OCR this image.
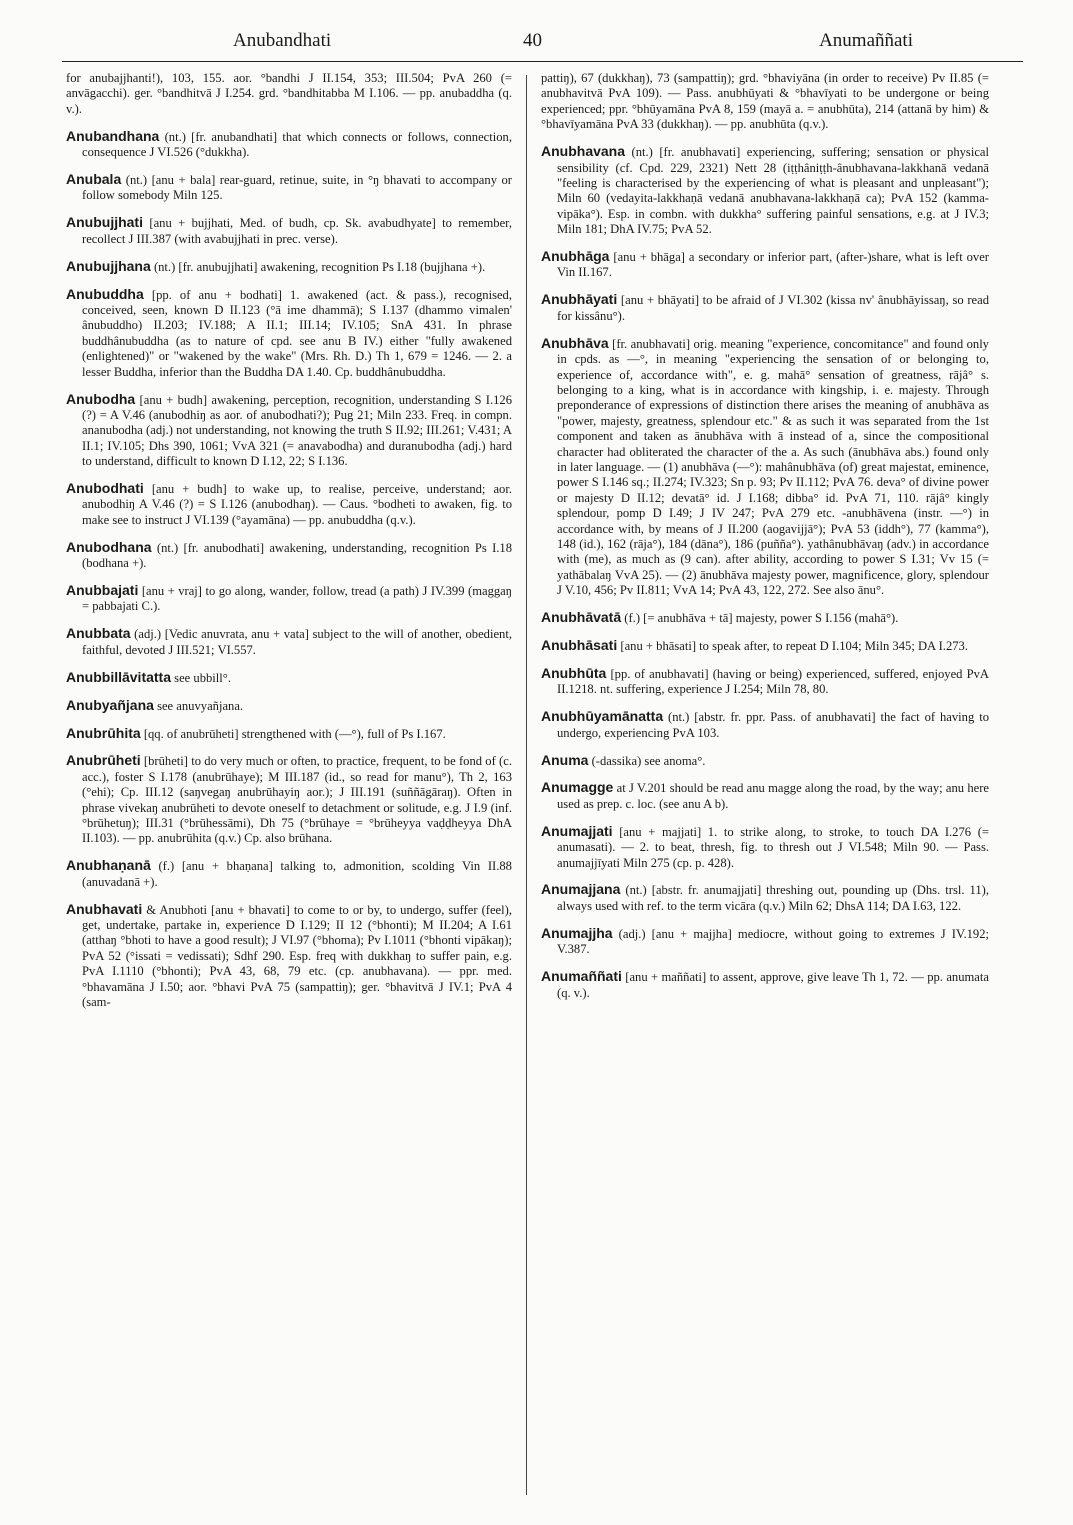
Anubandhati	40	Anumaññati

for anubajjhanti!), 103, 155. aor. °bandhi J II.154, 353; III.504; PvA 260 (= anvāgacchi). ger. °bandhitvā J I.254. grd. °bandhitabba M I.106. — pp. anubaddha (q. v.).

Anubandhana (nt.) [fr. anubandhati] that which connects or follows, connection, consequence J VI.526 (°dukkha).

Anubala (nt.) [anu + bala] rear-guard, retinue, suite, in °ŋ bhavati to accompany or follow somebody Miln 125.

Anubujjhati [anu + bujjhati, Med. of budh, cp. Sk. avabudhyate] to remember, recollect J III.387 (with avabujjhati in prec. verse).

Anubujjhana (nt.) [fr. anubujjhati] awakening, recognition Ps I.18 (bujjhana +).

Anubuddha [pp. of anu + bodhati] 1. awakened (act. & pass.), recognised, conceived, seen, known D II.123 (°ā ime dhammā); S I.137 (dhammo vimalen' ânubuddho) II.203; IV.188; A II.1; III.14; IV.105; SnA 431. In phrase buddhânubuddha (as to nature of cpd. see anu B IV.) either "fully awakened (enlightened)" or "wakened by the wake" (Mrs. Rh. D.) Th 1, 679 = 1246. — 2. a lesser Buddha, inferior than the Buddha DA 1.40. Cp. buddhânubuddha.

Anubodha [anu + budh] awakening, perception, recognition, understanding S I.126 (?) = A V.46 (anubodhiŋ as aor. of anubodhati?); Pug 21; Miln 233. Freq. in compn. ananubodha (adj.) not understanding, not knowing the truth S II.92; III.261; V.431; A II.1; IV.105; Dhs 390, 1061; VvA 321 (= anavabodha) and duranubodha (adj.) hard to understand, difficult to known D I.12, 22; S I.136.

Anubodhati [anu + budh] to wake up, to realise, perceive, understand; aor. anubodhiŋ A V.46 (?) = S I.126 (anubodhaŋ). — Caus. °bodheti to awaken, fig. to make see to instruct J VI.139 (°ayamāna) — pp. anubuddha (q.v.).

Anubodhana (nt.) [fr. anubodhati] awakening, understanding, recognition Ps I.18 (bodhana +).

Anubbajati [anu + vraj] to go along, wander, follow, tread (a path) J IV.399 (maggaŋ = pabbajati C.).

Anubbata (adj.) [Vedic anuvrata, anu + vata] subject to the will of another, obedient, faithful, devoted J III.521; VI.557.

Anubbillāvitatta see ubbill°.

Anubyañjana see anuvyañjana.

Anubrūhita [qq. of anubrūheti] strengthened with (—°), full of Ps I.167.

Anubrūheti [brūheti] to do very much or often, to practice, frequent, to be fond of (c. acc.), foster S I.178 (anubrūhaye); M III.187 (id., so read for manu°), Th 2, 163 (°ehi); Cp. III.12 (saŋvegaŋ anubrūhayiŋ aor.); J III.191 (suññāgāraŋ). Often in phrase vivekaŋ anubrūheti to devote oneself to detachment or solitude, e.g. J I.9 (inf. °brūhetuŋ); III.31 (°brūhessāmi), Dh 75 (°brūhaye = °brūheyya vaḍḍheyya DhA II.103). — pp. anubrūhita (q.v.) Cp. also brūhana.

Anubhaṇanā (f.) [anu + bhaṇana] talking to, admonition, scolding Vin II.88 (anuvadanā +).

Anubhavati & Anubhoti [anu + bhavati] to come to or by, to undergo, suffer (feel), get, undertake, partake in, experience D I.129; II 12 (°bhonti); M II.204; A I.61 (atthaŋ °bhoti to have a good result); J VI.97 (°bhoma); Pv I.1011 (°bhonti vipākaŋ); PvA 52 (°issati = vedissati); Sdhf 290. Esp. freq with dukkhaŋ to suffer pain, e.g. PvA I.1110 (°bhonti); PvA 43, 68, 79 etc. (cp. anubhavana). — ppr. med. °bhavamāna J I.50; aor. °bhavi PvA 75 (sampattiŋ); ger. °bhavitvā J IV.1; PvA 4 (sam-

pattiŋ), 67 (dukkhaŋ), 73 (sampattiŋ); grd. °bhaviyāna (in order to receive) Pv II.85 (= anubhavitvā PvA 109). — Pass. anubhūyati & °bhavīyati to be undergone or being experienced; ppr. °bhūyamāna PvA 8, 159 (mayā a. = anubhūta), 214 (attanā by him) & °bhavīyamāna PvA 33 (dukkhaŋ). — pp. anubhūta (q.v.).

Anubhavana (nt.) [fr. anubhavati] experiencing, suffering; sensation or physical sensibility (cf. Cpd. 229, 2321) Nett 28 (iṭṭhâniṭṭh-ânubhavana-lakkhanā vedanā "feeling is characterised by the experiencing of what is pleasant and unpleasant"); Miln 60 (vedayita-lakkhaṇā vedanā anubhavana-lakkhaṇā ca); PvA 152 (kamma-vipāka°). Esp. in combn. with dukkha° suffering painful sensations, e.g. at J IV.3; Miln 181; DhA IV.75; PvA 52.

Anubhāga [anu + bhāga] a secondary or inferior part, (after-)share, what is left over Vin II.167.

Anubhāyati [anu + bhāyati] to be afraid of J VI.302 (kissa nv' ânubhāyissaŋ, so read for kissânu°).

Anubhāva [fr. anubhavati] orig. meaning "experience, concomitance" and found only in cpds. as —°, in meaning "experiencing the sensation of or belonging to, experience of, accordance with", e. g. mahā° sensation of greatness, rājâ° s. belonging to a king, what is in accordance with kingship, i. e. majesty. Through preponderance of expressions of distinction there arises the meaning of anubhāva as "power, majesty, greatness, splendour etc." & as such it was separated from the 1st component and taken as ānubhāva with ā instead of a, since the compositional character had obliterated the character of the a. As such (ānubhāva abs.) found only in later language. — (1) anubhāva (—°): mahânubhāva (of) great majestat, eminence, power S I.146 sq.; II.274; IV.323; Sn p. 93; Pv II.112; PvA 76. deva° of divine power or majesty D II.12; devatā° id. J I.168; dibba° id. PvA 71, 110. rājâ° kingly splendour, pomp D I.49; J IV 247; PvA 279 etc. -anubhāvena (instr. —°) in accordance with, by means of J II.200 (aogavijjā°); PvA 53 (iddh°), 77 (kamma°), 148 (id.), 162 (rāja°), 184 (dāna°), 186 (puñña°). yathânubhāvaŋ (adv.) in accordance with (me), as much as (9 can). after ability, according to power S I.31; Vv 15 (= yathābalaŋ VvA 25). — (2) ānubhāva majesty power, magnificence, glory, splendour J V.10, 456; Pv II.811; VvA 14; PvA 43, 122, 272. See also ānu°.

Anubhāvatā (f.) [= anubhāva + tā] majesty, power S I.156 (mahā°).

Anubhāsati [anu + bhāsati] to speak after, to repeat D I.104; Miln 345; DA I.273.

Anubhūta [pp. of anubhavati] (having or being) experienced, suffered, enjoyed PvA II.1218. nt. suffering, experience J I.254; Miln 78, 80.

Anubhūyamānatta (nt.) [abstr. fr. ppr. Pass. of anubhavati] the fact of having to undergo, experiencing PvA 103.

Anuma (-dassika) see anoma°.

Anumagge at J V.201 should be read anu magge along the road, by the way; anu here used as prep. c. loc. (see anu A b).

Anumajjati [anu + majjati] 1. to strike along, to stroke, to touch DA I.276 (= anumasati). — 2. to beat, thresh, fig. to thresh out J VI.548; Miln 90. — Pass. anumajjīyati Miln 275 (cp. p. 428).

Anumajjana (nt.) [abstr. fr. anumajjati] threshing out, pounding up (Dhs. trsl. 11), always used with ref. to the term vicāra (q.v.) Miln 62; DhsA 114; DA I.63, 122.

Anumajjha (adj.) [anu + majjha] mediocre, without going to extremes J IV.192; V.387.

Anumaññati [anu + maññati] to assent, approve, give leave Th 1, 72. — pp. anumata (q. v.).
